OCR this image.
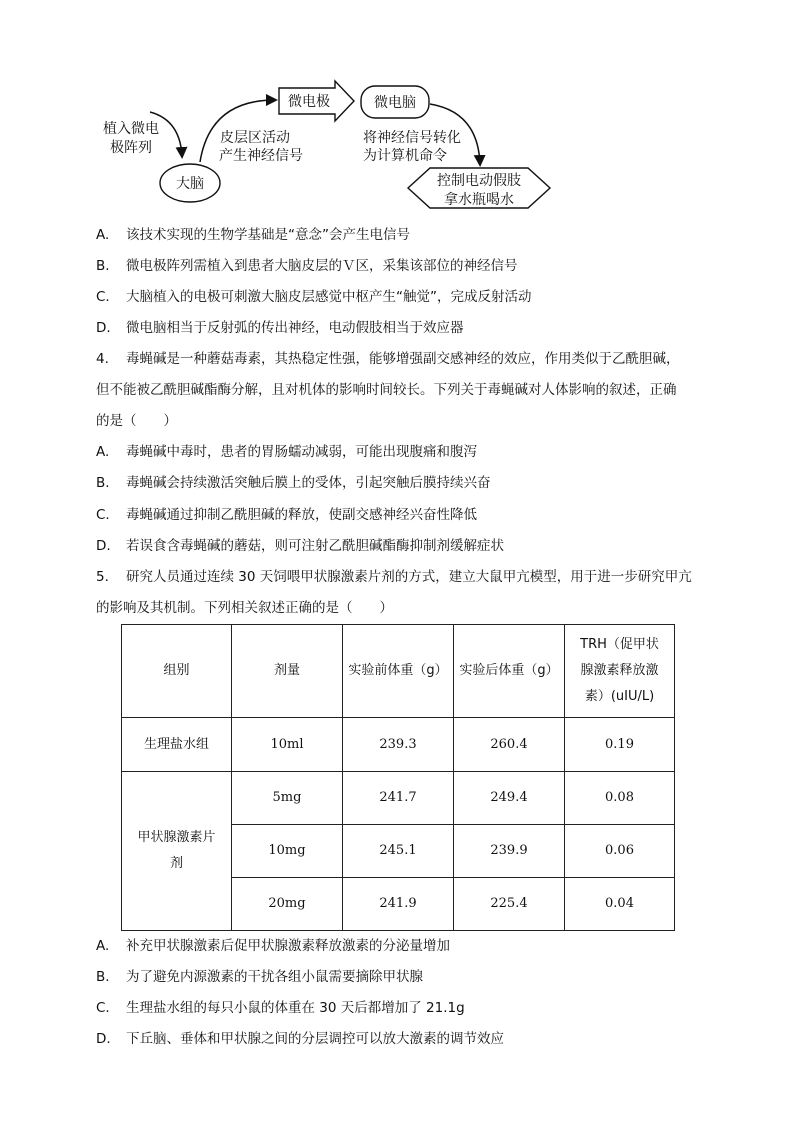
植入微电
极阵列
大脑
皮层区活动
产生神经信号
微电极	微电脑
将神经信号转化
为计算机命令
控制电动假肢
拿水瓶喝水
A. 该技术实现的生物学基础是“意念”会产生电信号
B. 微电极阵列需植入到患者大脑皮层的Ｖ区，采集该部位的神经信号
C. 大脑植入的电极可刺激大脑皮层感觉中枢产生“触觉”，完成反射活动
D. 微电脑相当于反射弧的传出神经，电动假肢相当于效应器
4. 毒蝇碱是一种蘑菇毒素，其热稳定性强，能够增强副交感神经的效应，作用类似于乙酰胆碱，
但不能被乙酰胆碱酯酶分解，且对机体的影响时间较长。下列关于毒蝇碱对人体影响的叙述，正确
的是（　　）
A. 毒蝇碱中毒时，患者的胃肠蠕动减弱，可能出现腹痛和腹泻
B. 毒蝇碱会持续激活突触后膜上的受体，引起突触后膜持续兴奋
C. 毒蝇碱通过抑制乙酰胆碱的释放，使副交感神经兴奋性降低
D. 若误食含毒蝇碱的蘑菇，则可注射乙酰胆碱酯酶抑制剂缓解症状
5. 研究人员通过连续 30 天饲喂甲状腺激素片剂的方式，建立大鼠甲亢模型，用于进一步研究甲亢
的影响及其机制。下列相关叙述正确的是（　　）
组别	剂量	实验前体重（g）	实验后体重（g）	TRH（促甲状
腺激素释放激
素）(uIU/L)

生理盐水组	10ml	239.3	260.4	0.19

甲状腺激素片
剂	5mg	241.7	249.4	0.08
	10mg	245.1	239.9	0.06
	20mg	241.9	225.4	0.04
A. 补充甲状腺激素后促甲状腺激素释放激素的分泌量增加
B. 为了避免内源激素的干扰各组小鼠需要摘除甲状腺
C. 生理盐水组的每只小鼠的体重在 30 天后都增加了 21.1g
D. 下丘脑、垂体和甲状腺之间的分层调控可以放大激素的调节效应
